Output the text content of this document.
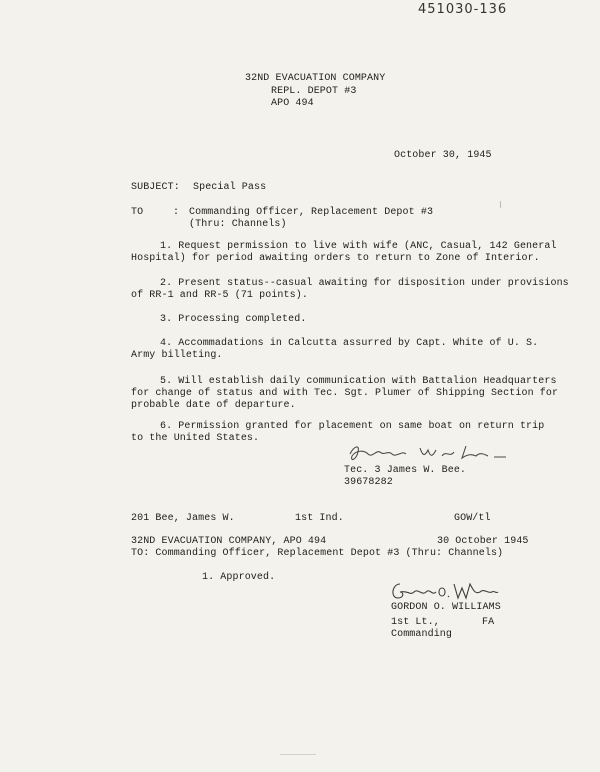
451030-136
32ND EVACUATION COMPANY
REPL. DEPOT #3
APO 494
October 30, 1945
SUBJECT: Special Pass
TO	: Commanding Officer, Replacement Depot #3
(Thru: Channels)
1. Request permission to live with wife (ANC, Casual, 142 General
Hospital) for period awaiting orders to return to Zone of Interior.
2. Present status--casual awaiting for disposition under provisions
of RR-1 and RR-5 (71 points).
3. Processing completed.
4. Accommadations in Calcutta assurred by Capt. White of U. S.
Army billeting.
5. Will establish daily communication with Battalion Headquarters
for change of status and with Tec. Sgt. Plumer of Shipping Section for
probable date of departure.
6. Permission granted for placement on same boat on return trip
to the United States.
Tec. 3 James W. Bee.
39678282
201 Bee, James W.	1st Ind.	GOW/tl
32ND EVACUATION COMPANY, APO 494	30 October 1945
TO: Commanding Officer, Replacement Depot #3 (Thru: Channels)
1. Approved.
GORDON O. WILLIAMS
1st Lt.,	FA
Commanding
